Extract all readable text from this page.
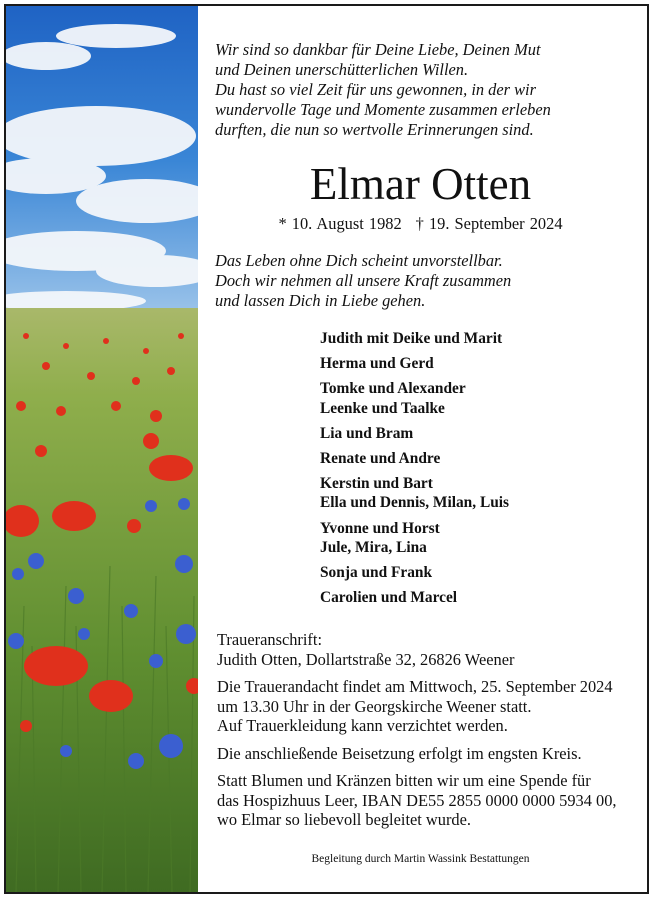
Wir sind so dankbar für Deine Liebe, Deinen Mut
und Deinen unerschütterlichen Willen.
Du hast so viel Zeit für uns gewonnen, in der wir
wundervolle Tage und Momente zusammen erleben
durften, die nun so wertvolle Erinnerungen sind.
Elmar Otten
* 10. August 1982 † 19. September 2024
Das Leben ohne Dich scheint unvorstellbar.
Doch wir nehmen all unsere Kraft zusammen
und lassen Dich in Liebe gehen.
Judith mit Deike und Marit
Herma und Gerd
Tomke und Alexander
Leenke und Taalke
Lia und Bram
Renate und Andre
Kerstin und Bart
Ella und Dennis, Milan, Luis
Yvonne und Horst
Jule, Mira, Lina
Sonja und Frank
Carolien und Marcel
Traueranschrift:
Judith Otten, Dollartstraße 32, 26826 Weener
Die Trauerandacht findet am Mittwoch, 25. September 2024
um 13.30 Uhr in der Georgskirche Weener statt.
Auf Trauerkleidung kann verzichtet werden.
Die anschließende Beisetzung erfolgt im engsten Kreis.
Statt Blumen und Kränzen bitten wir um eine Spende für
das Hospizhuus Leer, IBAN DE55 2855 0000 0000 5934 00,
wo Elmar so liebevoll begleitet wurde.
Begleitung durch Martin Wassink Bestattungen
